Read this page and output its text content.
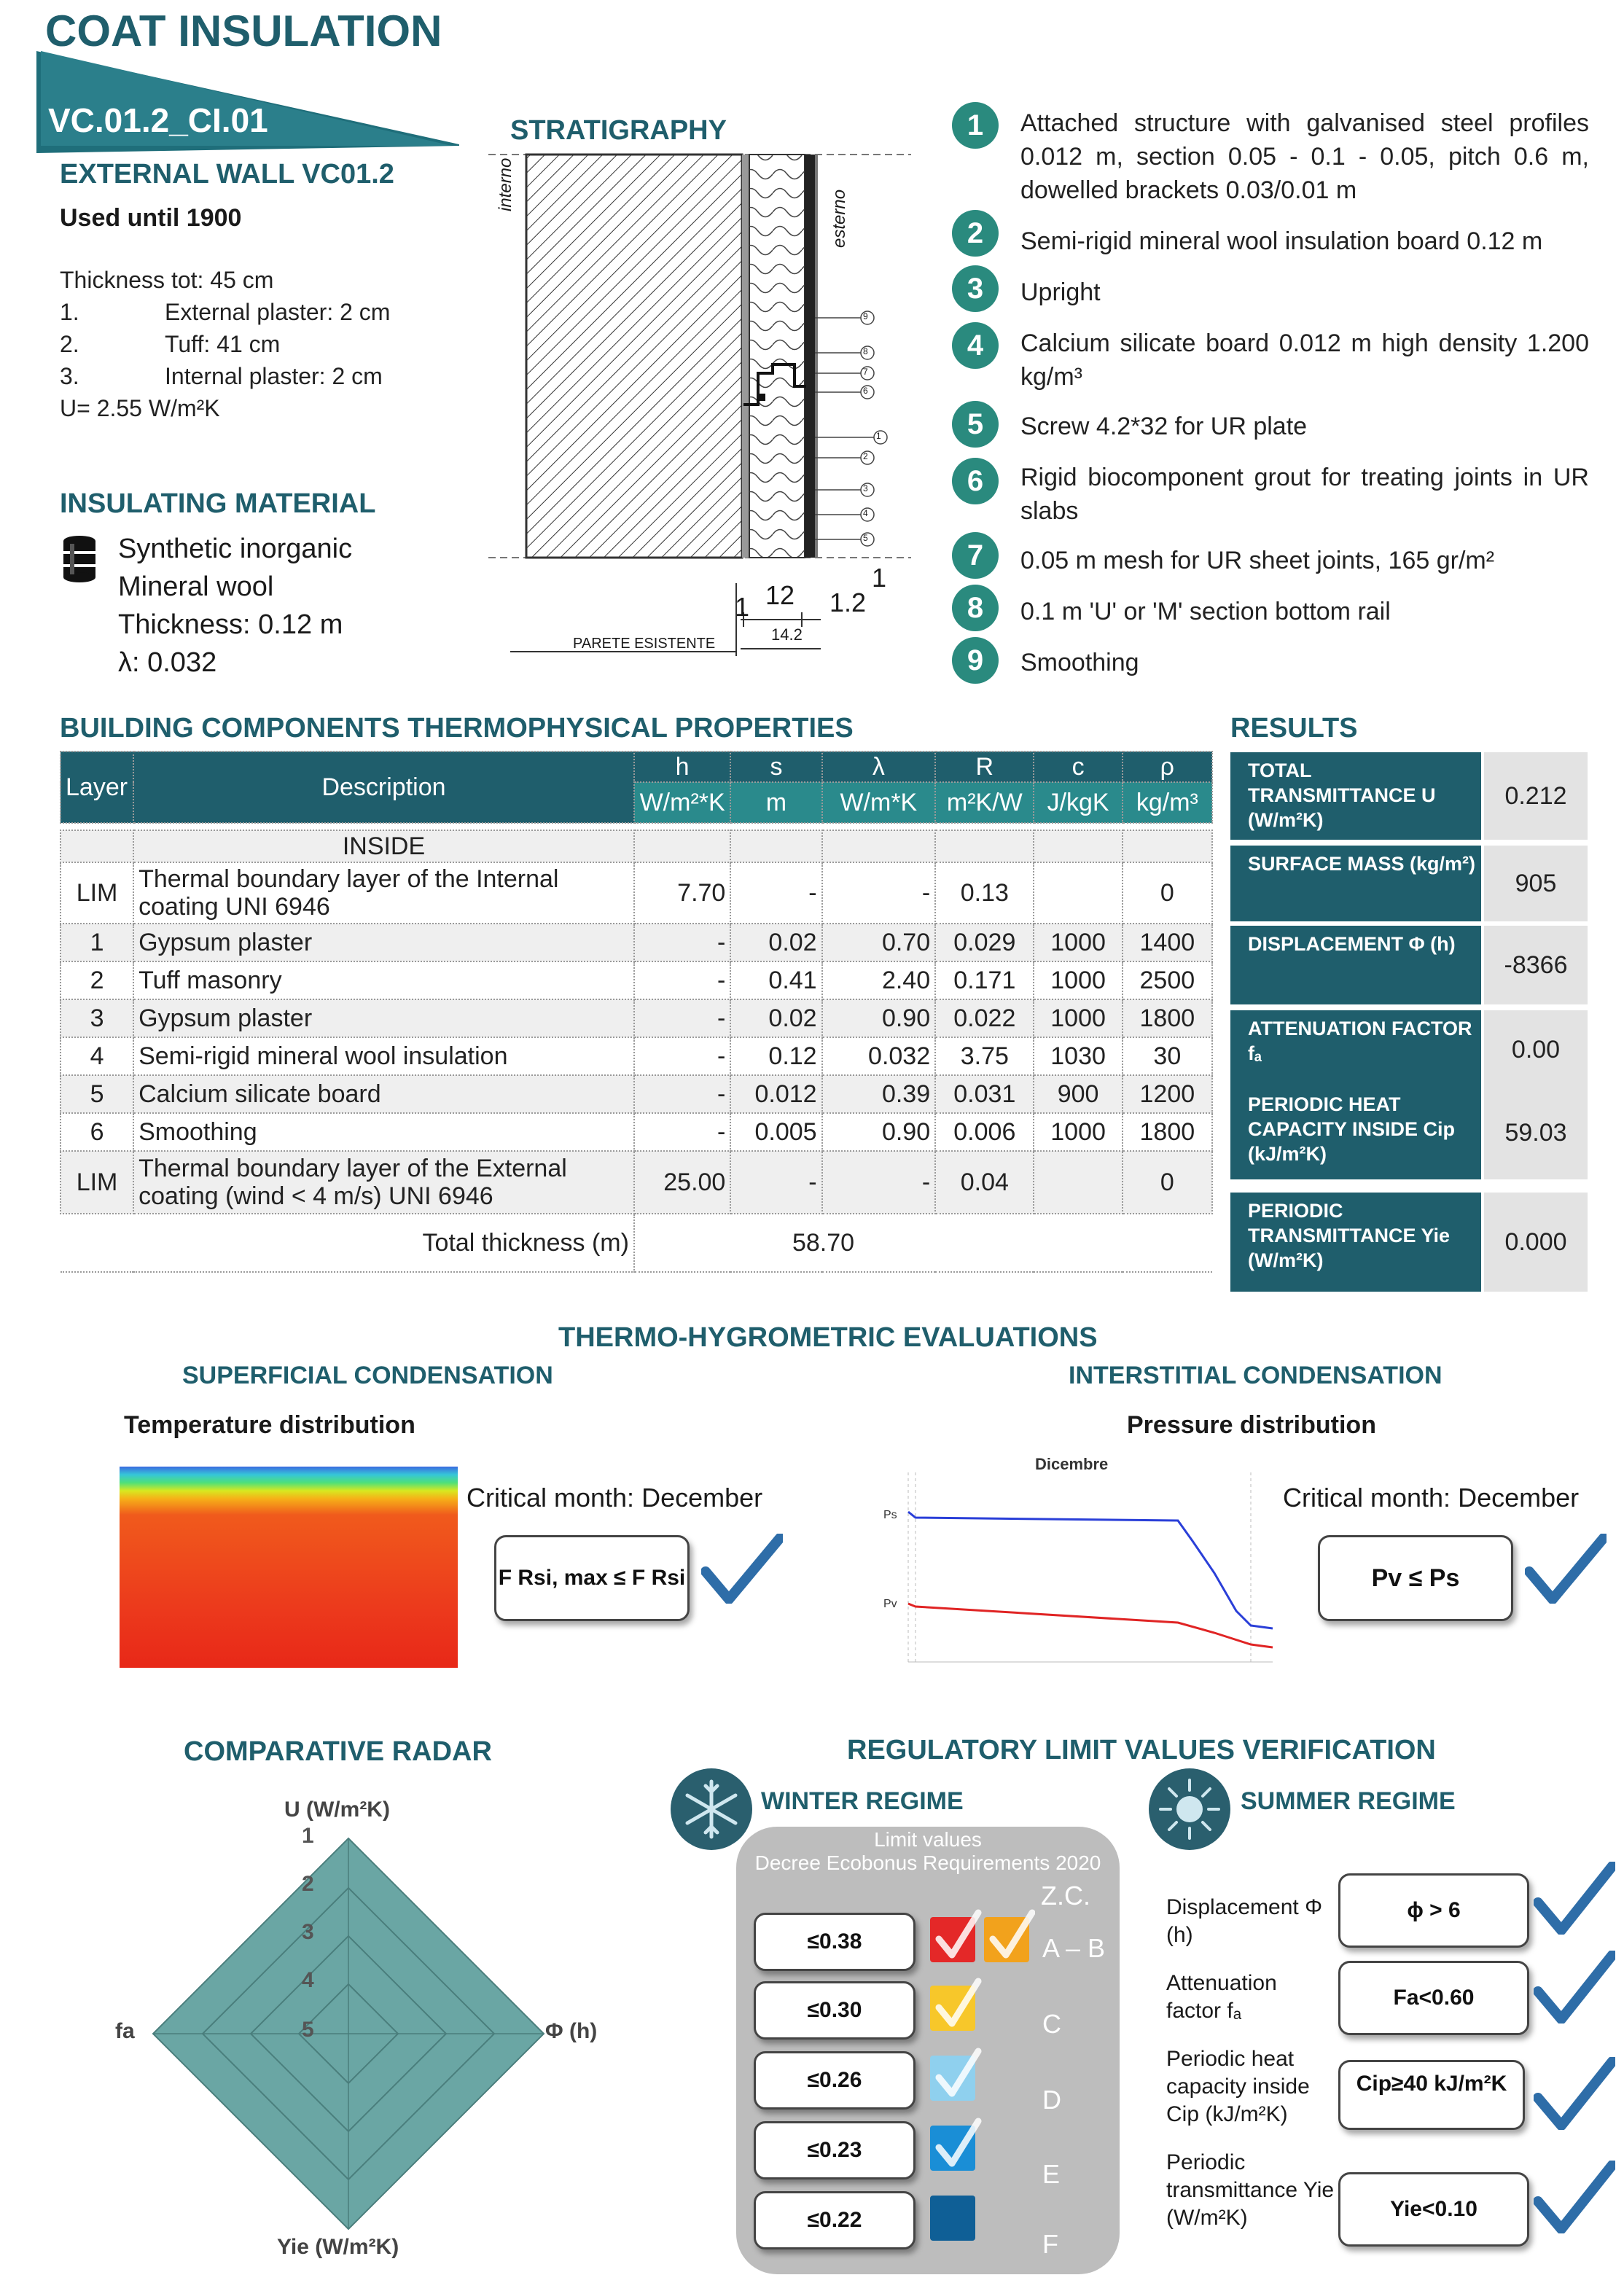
COAT INSULATION
VC.01.2_CI.01
EXTERNAL WALL VC01.2
Used until 1900
Thickness tot: 45 cm
1.	External plaster: 2 cm
2.	Tuff: 41 cm
3.	Internal plaster: 2 cm
U= 2.55 W/m²K
INSULATING MATERIAL
Synthetic inorganic
Mineral wool
Thickness: 0.12 m
λ: 0.032
STRATIGRAPHY
9
8
7
6
1
2
3
4
5
interno
esterno
1 12
1
1.2
14.2
PARETE ESISTENTE
1	Attached structure with galvanised steel profiles 0.012 m, section 0.05 - 0.1 - 0.05, pitch 0.6 m, dowelled brackets 0.03/0.01 m
2	Semi-rigid mineral wool insulation board 0.12 m
3	Upright
4	Calcium silicate board 0.012 m high density 1.200 kg/m³
5	Screw 4.2*32 for UR plate
6	Rigid biocomponent grout for treating joints in UR slabs
7	0.05 m mesh for UR sheet joints, 165 gr/m²
8	0.1 m 'U' or 'M' section bottom rail
9	Smoothing
BUILDING COMPONENTS THERMOPHYSICAL PROPERTIES
Layer	Description	h	s	λ	R	c	ρ
		W/m²*K	m	W/m*K	m²K/W	J/kgK	kg/m³

	INSIDE						
LIM	Thermal boundary layer of the Internal coating UNI 6946	7.70	-	-	0.13		0
1	Gypsum plaster	-	0.02	0.70	0.029	1000	1400
2	Tuff masonry	-	0.41	2.40	0.171	1000	2500
3	Gypsum plaster	-	0.02	0.90	0.022	1000	1800
4	Semi-rigid mineral wool insulation	-	0.12	0.032	3.75	1030	30
5	Calcium silicate board	-	0.012	0.39	0.031	900	1200
6	Smoothing	-	0.005	0.90	0.006	1000	1800
LIM	Thermal boundary layer of the External coating (wind < 4 m/s) UNI 6946	25.00	-	-	0.04		0
Total thickness (m)		58.70					
RESULTS
TOTAL TRANSMITTANCE U (W/m²K)
0.212
SURFACE MASS (kg/m²)
905
DISPLACEMENT Φ (h)
-8366
ATTENUATION FACTOR fₐ	0.00
PERIODIC HEAT CAPACITY INSIDE Cip (kJ/m²K)
59.03
PERIODIC TRANSMITTANCE Yie (W/m²K)
0.000
THERMO-HYGROMETRIC EVALUATIONS
SUPERFICIAL CONDENSATION	INTERSTITIAL CONDENSATION
Temperature distribution	Pressure distribution
Critical month: December
F Rsi, max ≤ F Rsi
Dicembre
Ps
Pv
Critical month: December
Pv ≤ Ps
COMPARATIVE RADAR
1
2
3
4
5
U (W/m²K)
Φ (h)
Yie (W/m²K)
fa
REGULATORY LIMIT VALUES VERIFICATION
WINTER REGIME	SUMMER REGIME
Limit values
Decree Ecobonus Requirements 2020
Z.C.
≤0.38
≤0.30
≤0.26
≤0.23
≤0.22
A – B
C
D
E
F
Displacement Φ (h)
ϕ > 6
Attenuation factor fₐ
Fa<0.60
Periodic heat capacity inside Cip (kJ/m²K)
Cip≥40 kJ/m²K
Periodic transmittance Yie (W/m²K)	Yie<0.10
